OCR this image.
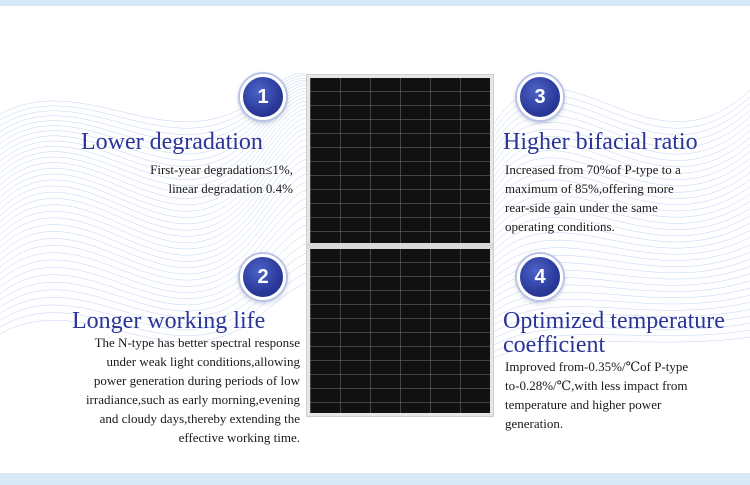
1
Lower degradation
First-year degradation≤1%,
linear degradation 0.4%
2
Longer working life
The N-type has better spectral response
under weak light conditions,allowing
power generation during periods of low
irradiance,such as early morning,evening
and cloudy days,thereby extending the
effective working time.
3
Higher bifacial ratio
Increased from 70%of P-type to a
maximum of 85%,offering more
rear-side gain under the same
operating conditions.
4
Optimized temperature
coefficient
Improved from-0.35%/℃of P-type
to-0.28%/℃,with less impact from
temperature and higher power
generation.
